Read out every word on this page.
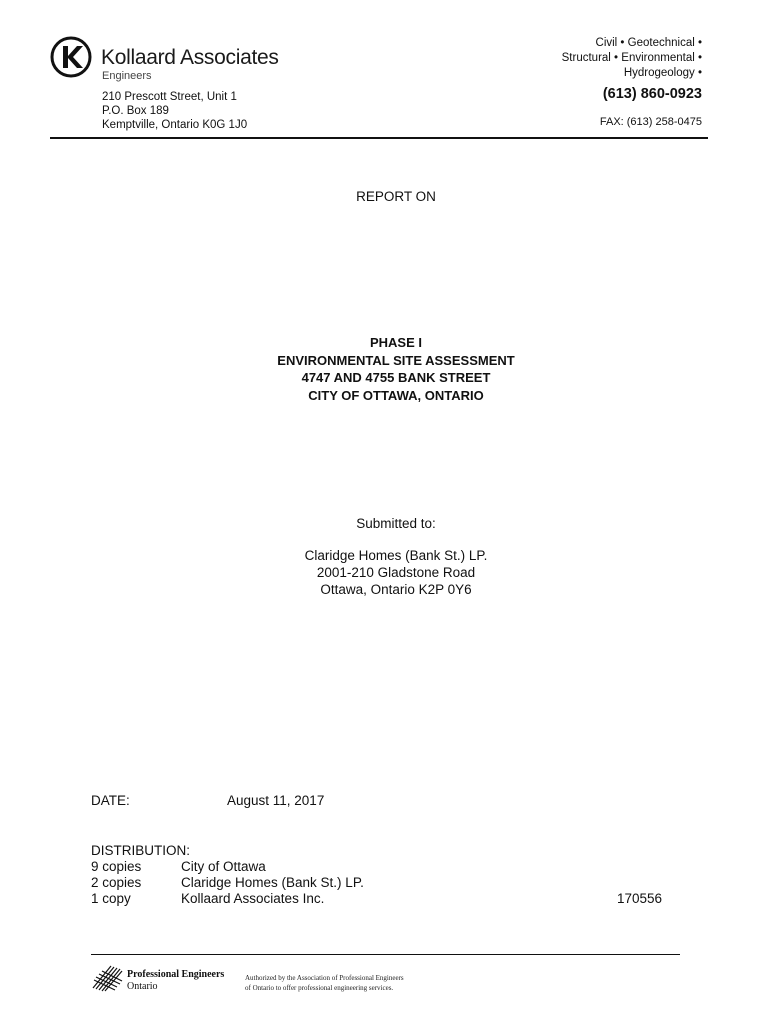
Kollaard Associates
Engineers
210 Prescott Street, Unit 1
P.O. Box 189
Kemptville, Ontario K0G 1J0
Civil • Geotechnical •
Structural • Environmental •
Hydrogeology •
(613) 860-0923
FAX: (613) 258-0475
REPORT ON
PHASE I
ENVIRONMENTAL SITE ASSESSMENT
4747 AND 4755 BANK STREET
CITY OF OTTAWA, ONTARIO
Submitted to:
Claridge Homes (Bank St.) LP.
2001-210 Gladstone Road
Ottawa, Ontario K2P 0Y6
DATE:	August 11, 2017
DISTRIBUTION:
9 copies	City of Ottawa
2 copies	Claridge Homes (Bank St.) LP.
1 copy	Kollaard Associates Inc.	170556
Professional Engineers
Ontario
Authorized by the Association of Professional Engineers
of Ontario to offer professional engineering services.
